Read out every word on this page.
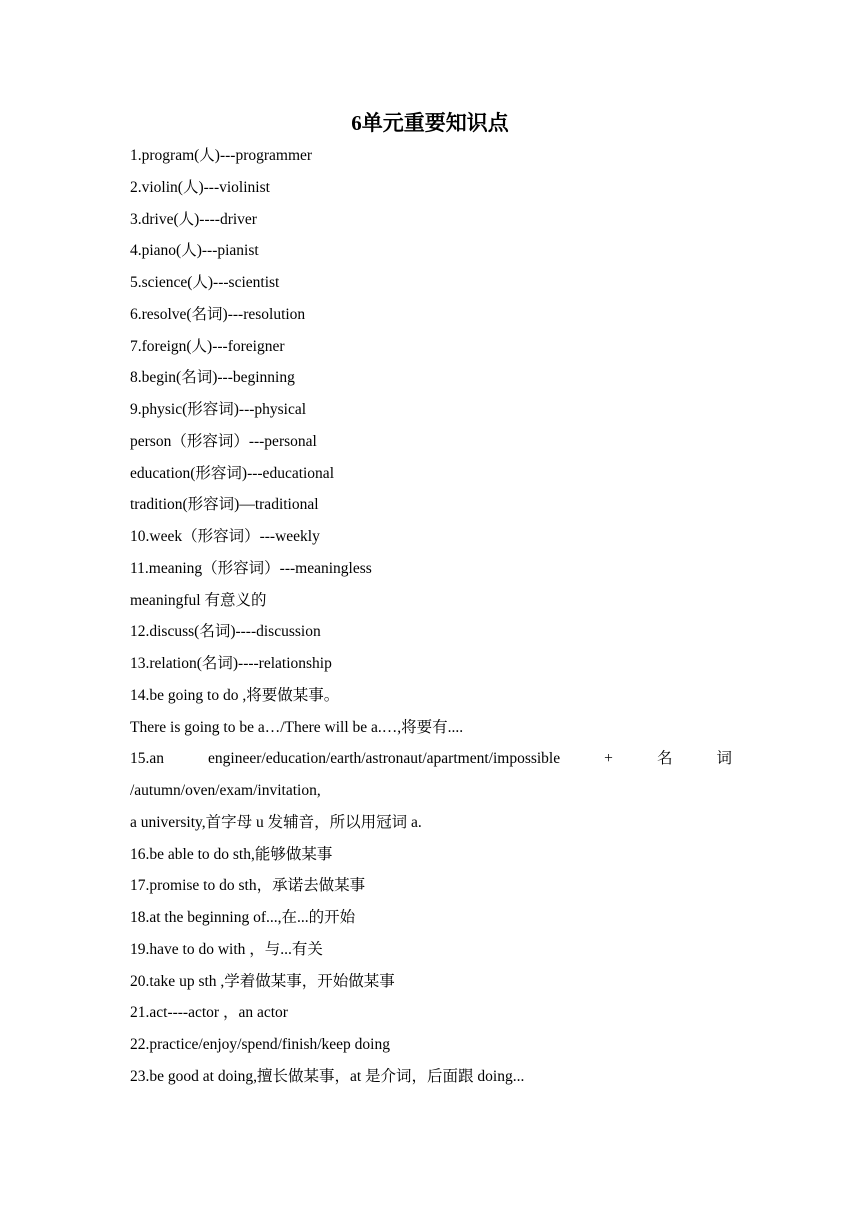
6单元重要知识点
1.program(人)---programmer
2.violin(人)---violinist
3.drive(人)----driver
4.piano(人)---pianist
5.science(人)---scientist
6.resolve(名词)---resolution
7.foreign(人)---foreigner
8.begin(名词)---beginning
9.physic(形容词)---physical
person（形容词）---personal
education(形容词)---educational
tradition(形容词)—traditional
10.week（形容词）---weekly
11.meaning（形容词）---meaningless
meaningful 有意义的
12.discuss(名词)----discussion
13.relation(名词)----relationship
14.be going to do ,将要做某事。
There is going to be a…/There will be a.…,将要有....
15.an	engineer/education/earth/astronaut/apartment/impossible	+	名	词
/autumn/oven/exam/invitation,
a university,首字母 u 发辅音，所以用冠词 a.
16.be able to do sth,能够做某事
17.promise to do sth，承诺去做某事
18.at the beginning of...,在...的开始
19.have to do with ，与...有关
20.take up sth ,学着做某事，开始做某事
21.act----actor ，an actor
22.practice/enjoy/spend/finish/keep doing
23.be good at doing,擅长做某事，at 是介词，后面跟 doing...
